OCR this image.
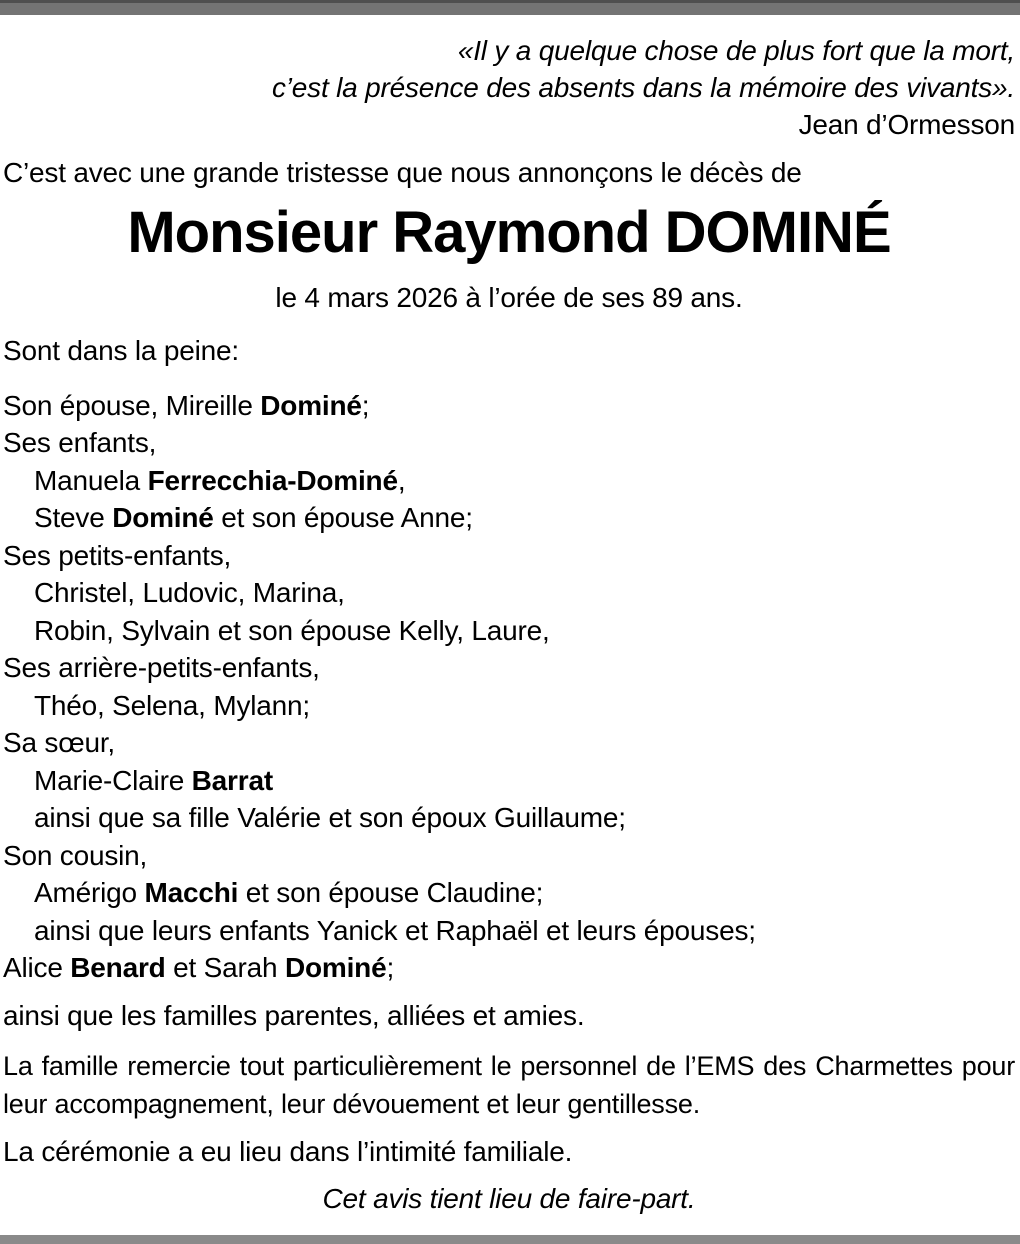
«Il y a quelque chose de plus fort que la mort,
c’est la présence des absents dans la mémoire des vivants».
Jean d’Ormesson
C’est avec une grande tristesse que nous annonçons le décès de
Monsieur Raymond DOMINÉ
le 4 mars 2026 à l’orée de ses 89 ans.
Sont dans la peine:
Son épouse, Mireille Dominé;
Ses enfants,
Manuela Ferrecchia-Dominé,
Steve Dominé et son épouse Anne;
Ses petits-enfants,
Christel, Ludovic, Marina,
Robin, Sylvain et son épouse Kelly, Laure,
Ses arrière-petits-enfants,
Théo, Selena, Mylann;
Sa sœur,
Marie-Claire Barrat
ainsi que sa fille Valérie et son époux Guillaume;
Son cousin,
Amérigo Macchi et son épouse Claudine;
ainsi que leurs enfants Yanick et Raphaël et leurs épouses;
Alice Benard et Sarah Dominé;
ainsi que les familles parentes, alliées et amies.
La famille remercie tout particulièrement le personnel de l’EMS des Charmettes pour leur accompagnement, leur dévouement et leur gentillesse.
La cérémonie a eu lieu dans l’intimité familiale.
Cet avis tient lieu de faire-part.
